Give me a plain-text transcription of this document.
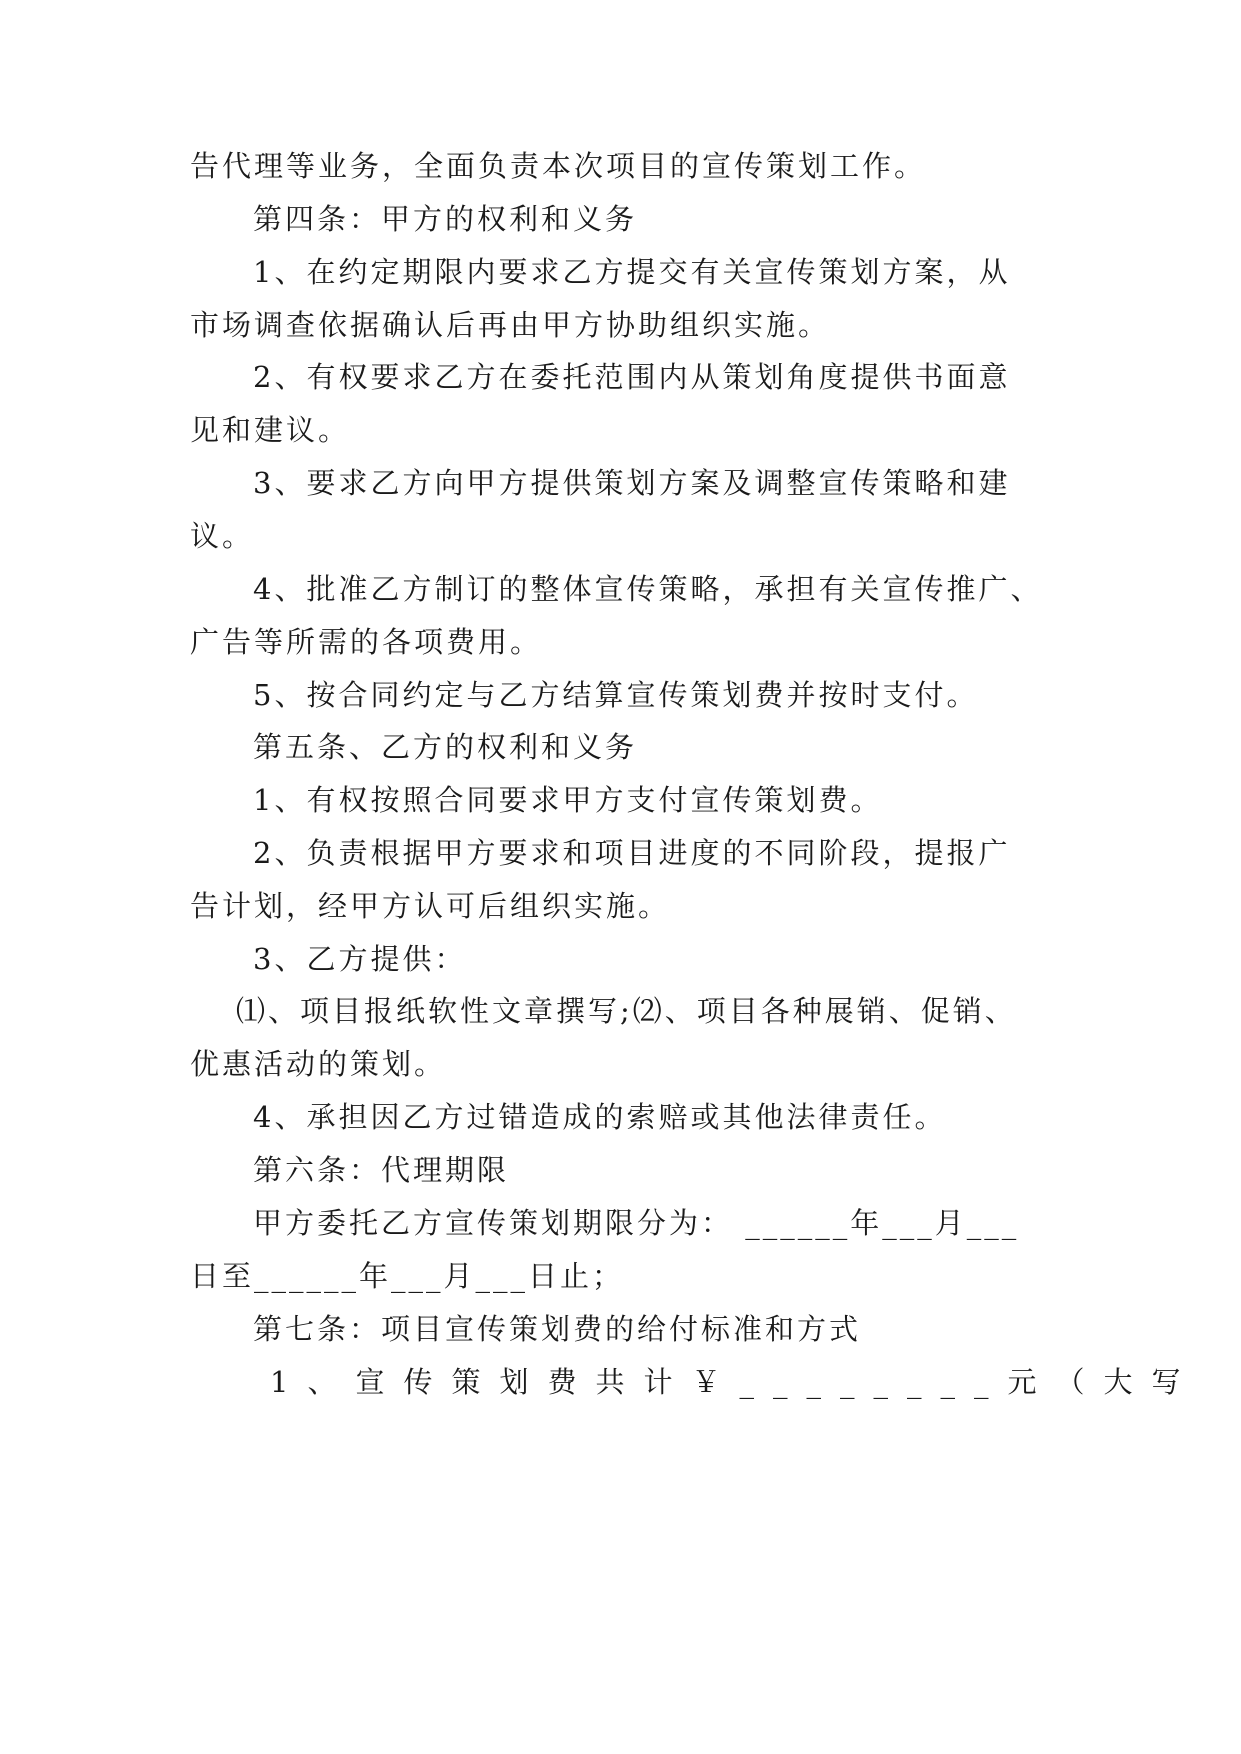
告代理等业务，全面负责本次项目的宣传策划工作。

第四条：甲方的权利和义务

1、在约定期限内要求乙方提交有关宣传策划方案，从

市场调查依据确认后再由甲方协助组织实施。

2、有权要求乙方在委托范围内从策划角度提供书面意

见和建议。

3、要求乙方向甲方提供策划方案及调整宣传策略和建

议。

4、批准乙方制订的整体宣传策略，承担有关宣传推广、

广告等所需的各项费用。

5、按合同约定与乙方结算宣传策划费并按时支付。

第五条、乙方的权利和义务

1、有权按照合同要求甲方支付宣传策划费。

2、负责根据甲方要求和项目进度的不同阶段，提报广

告计划，经甲方认可后组织实施。

3、乙方提供：

⑴、项目报纸软性文章撰写;⑵、项目各种展销、促销、

优惠活动的策划。

4、承担因乙方过错造成的索赔或其他法律责任。

第六条：代理期限

甲方委托乙方宣传策划期限分为： ______年___月___

日至______年___月___日止；

第七条：项目宣传策划费的给付标准和方式

1、宣传策划费共计￥________元（大写
